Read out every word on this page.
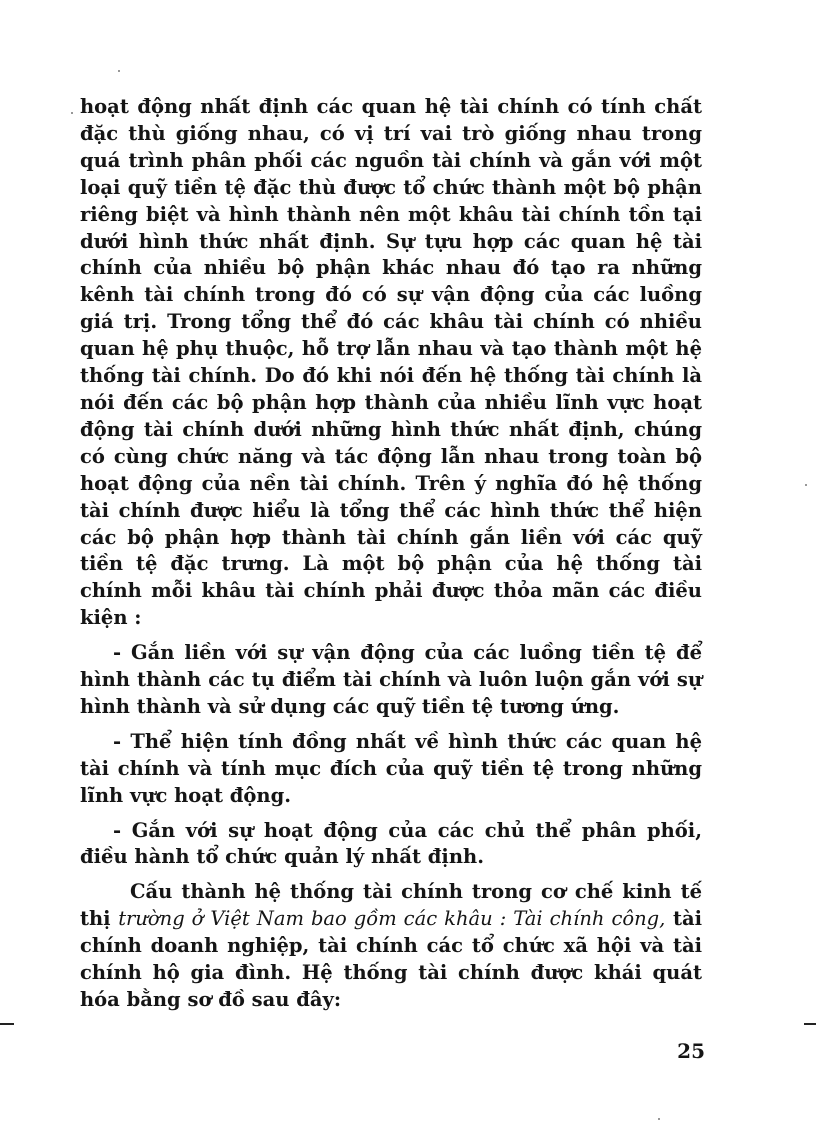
hoạt động nhất định các quan hệ tài chính có tính chất đặc thù giống nhau, có vị trí vai trò giống nhau trong quá trình phân phối các nguồn tài chính và gắn với một loại quỹ tiền tệ đặc thù được tổ chức thành một bộ phận riêng biệt và hình thành nên một khâu tài chính tồn tại dưới hình thức nhất định. Sự tựu hợp các quan hệ tài chính của nhiều bộ phận khác nhau đó tạo ra những kênh tài chính trong đó có sự vận động của các luồng giá trị. Trong tổng thể đó các khâu tài chính có nhiều quan hệ phụ thuộc, hỗ trợ lẫn nhau và tạo thành một hệ thống tài chính. Do đó khi nói đến hệ thống tài chính là nói đến các bộ phận hợp thành của nhiều lĩnh vực hoạt động tài chính dưới những hình thức nhất định, chúng có cùng chức năng và tác động lẫn nhau trong toàn bộ hoạt động của nền tài chính. Trên ý nghĩa đó hệ thống tài chính được hiểu là tổng thể các hình thức thể hiện các bộ phận hợp thành tài chính gắn liền với các quỹ tiền tệ đặc trưng. Là một bộ phận của hệ thống tài chính mỗi khâu tài chính phải được thỏa mãn các điều kiện :

- Gắn liền với sự vận động của các luồng tiền tệ để hình thành các tụ điểm tài chính và luôn luộn gắn với sự hình thành và sử dụng các quỹ tiền tệ tương ứng.

- Thể hiện tính đồng nhất về hình thức các quan hệ tài chính và tính mục đích của quỹ tiền tệ trong những lĩnh vực hoạt động.

- Gắn với sự hoạt động của các chủ thể phân phối, điều hành tổ chức quản lý nhất định.

Cấu thành hệ thống tài chính trong cơ chế kinh tế thị trường ở Việt Nam bao gồm các khâu : Tài chính công, tài chính doanh nghiệp, tài chính các tổ chức xã hội và tài chính hộ gia đình. Hệ thống tài chính được khái quát hóa bằng sơ đồ sau đây:

25
